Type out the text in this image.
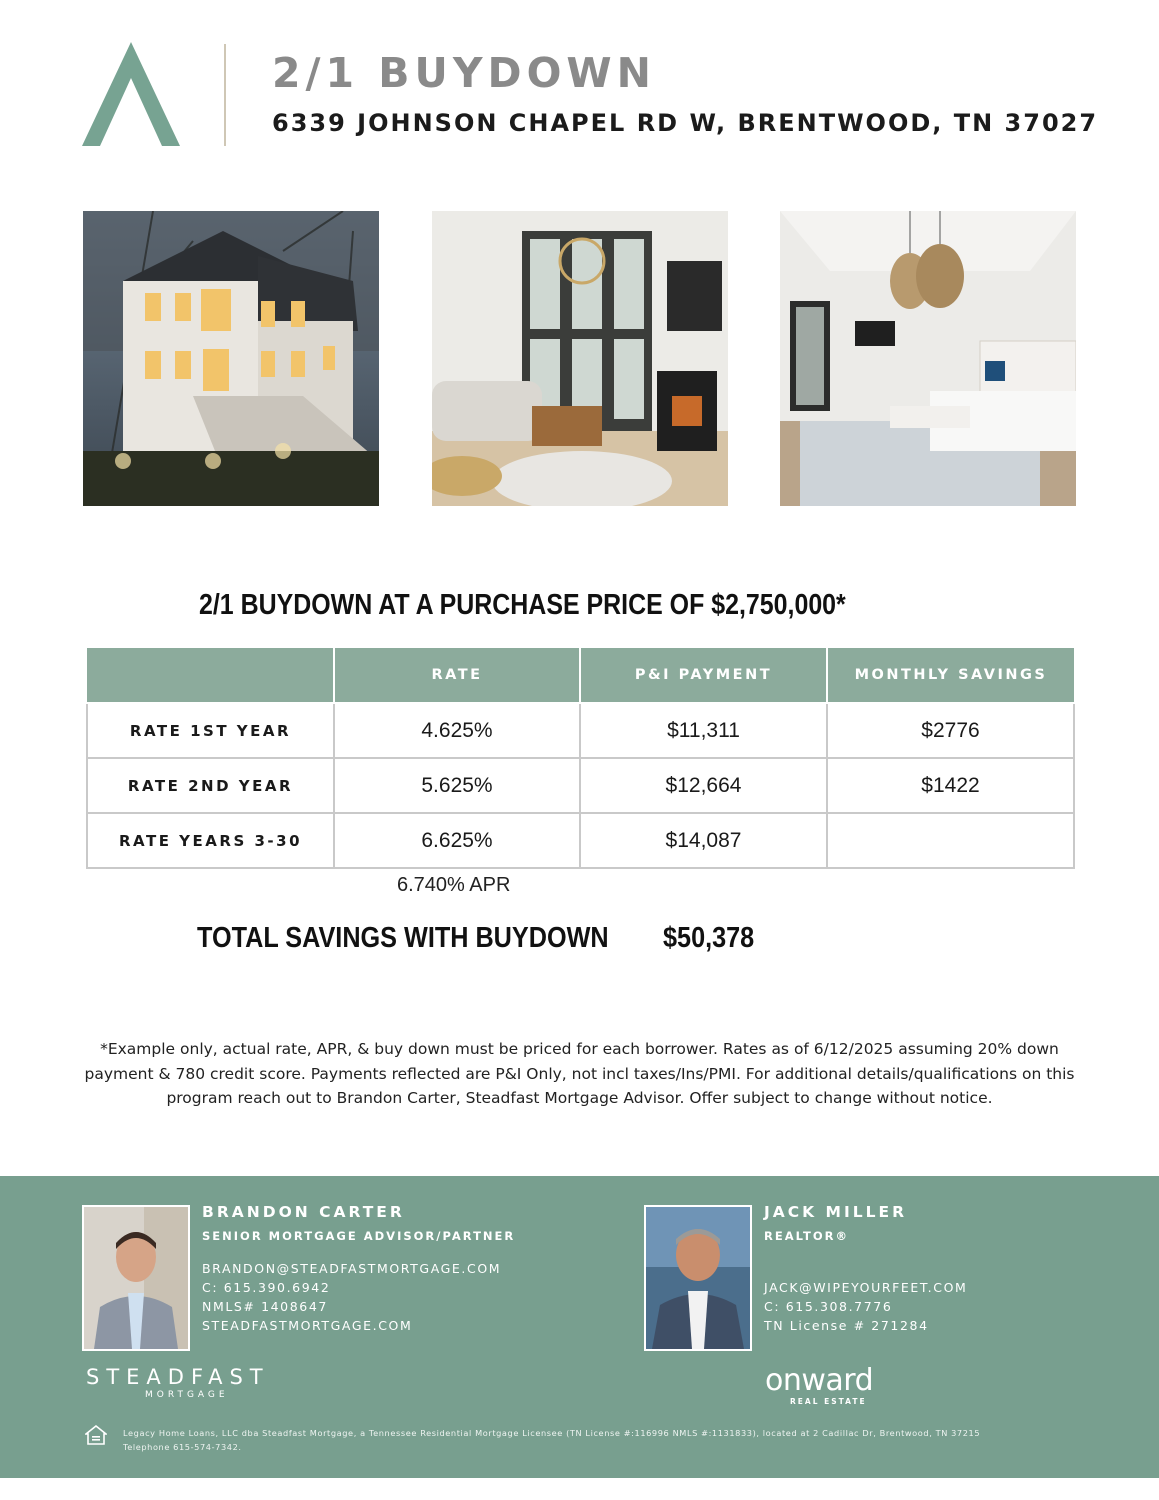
2/1 BUYDOWN
6339 JOHNSON CHAPEL RD W, BRENTWOOD, TN 37027
2/1 BUYDOWN AT A PURCHASE PRICE OF $2,750,000*
	RATE	P&I PAYMENT	MONTHLY SAVINGS
RATE 1ST YEAR	4.625%	$11,311	$2776
RATE 2ND YEAR	5.625%	$12,664	$1422
RATE YEARS 3-30	6.625%	$14,087	
6.740% APR
TOTAL SAVINGS WITH BUYDOWN $50,378
*Example only, actual rate, APR, & buy down must be priced for each borrower. Rates as of 6/12/2025 assuming 20% down payment & 780 credit score. Payments reflected are P&I Only, not incl taxes/Ins/PMI. For additional details/qualifications on this program reach out to Brandon Carter, Steadfast Mortgage Advisor. Offer subject to change without notice.
BRANDON CARTER
SENIOR MORTGAGE ADVISOR/PARTNER
BRANDON@STEADFASTMORTGAGE.COM
C: 615.390.6942
NMLS# 1408647
STEADFASTMORTGAGE.COM
STEADFAST
MORTGAGE
JACK MILLER
REALTOR®
JACK@WIPEYOURFEET.COM
C: 615.308.7776
TN License # 271284
onward
REAL ESTATE
Legacy Home Loans, LLC dba Steadfast Mortgage, a Tennessee Residential Mortgage Licensee (TN License #:116996 NMLS #:1131833), located at 2 Cadillac Dr, Brentwood, TN 37215
Telephone 615-574-7342.
